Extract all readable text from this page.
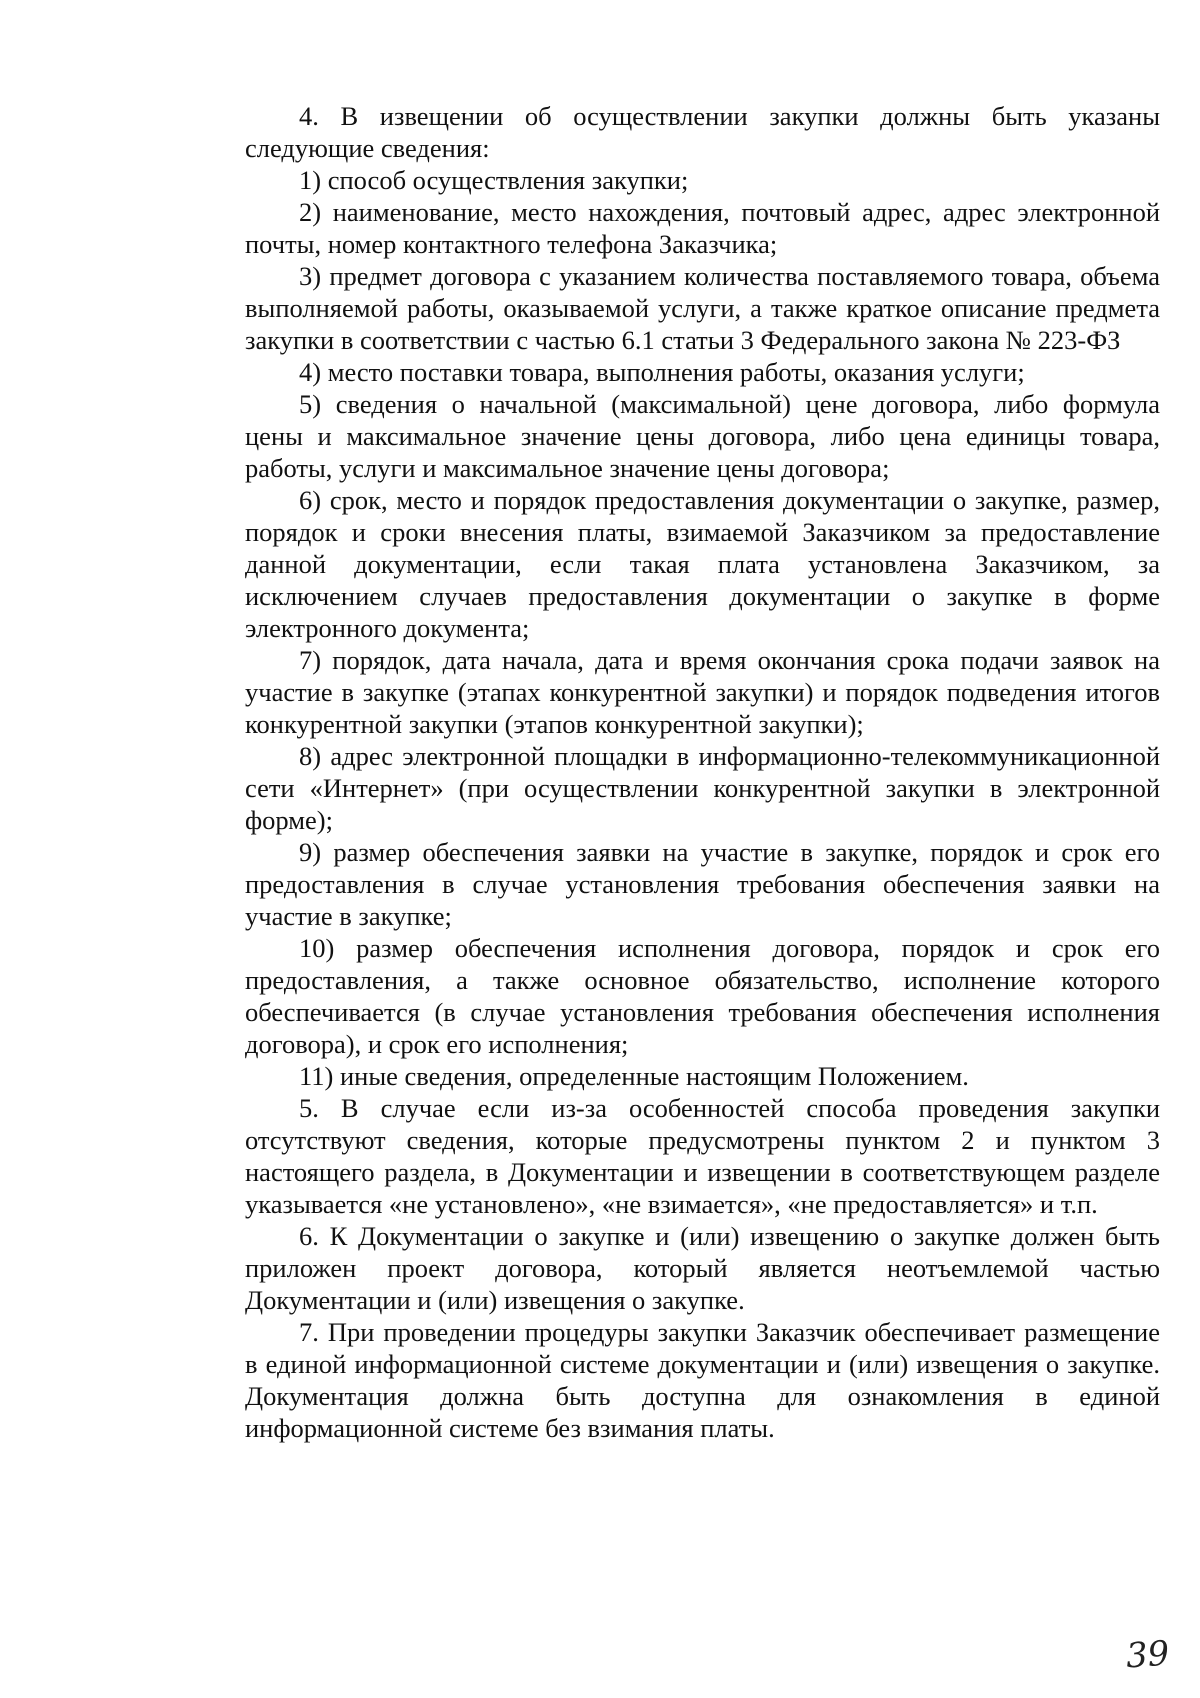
4. В извещении об осуществлении закупки должны быть указаны следующие сведения:

1) способ осуществления закупки;

2) наименование, место нахождения, почтовый адрес, адрес электронной почты, номер контактного телефона Заказчика;

3) предмет договора с указанием количества поставляемого товара, объема выполняемой работы, оказываемой услуги, а также краткое описание предмета закупки в соответствии с частью 6.1 статьи 3 Федерального закона № 223-ФЗ

4) место поставки товара, выполнения работы, оказания услуги;

5) сведения о начальной (максимальной) цене договора, либо формула цены и максимальное значение цены договора, либо цена единицы товара, работы, услуги и максимальное значение цены договора;

6) срок, место и порядок предоставления документации о закупке, размер, порядок и сроки внесения платы, взимаемой Заказчиком за предоставление данной документации, если такая плата установлена Заказчиком, за исключением случаев предоставления документации о закупке в форме электронного документа;

7) порядок, дата начала, дата и время окончания срока подачи заявок на участие в закупке (этапах конкурентной закупки) и порядок подведения итогов конкурентной закупки (этапов конкурентной закупки);

8) адрес электронной площадки в информационно-телекоммуникационной сети «Интернет» (при осуществлении конкурентной закупки в электронной форме);

9) размер обеспечения заявки на участие в закупке, порядок и срок его предоставления в случае установления требования обеспечения заявки на участие в закупке;

10) размер обеспечения исполнения договора, порядок и срок его предоставления, а также основное обязательство, исполнение которого обеспечивается (в случае установления требования обеспечения исполнения договора), и срок его исполнения;

11) иные сведения, определенные настоящим Положением.

5. В случае если из-за особенностей способа проведения закупки отсутствуют сведения, которые предусмотрены пунктом 2 и пунктом 3 настоящего раздела, в Документации и извещении в соответствующем разделе указывается «не установлено», «не взимается», «не предоставляется» и т.п.

6. К Документации о закупке и (или) извещению о закупке должен быть приложен проект договора, который является неотъемлемой частью Документации и (или) извещения о закупке.

7. При проведении процедуры закупки Заказчик обеспечивает размещение в единой информационной системе документации и (или) извещения о закупке. Документация должна быть доступна для ознакомления в единой информационной системе без взимания платы.

39
